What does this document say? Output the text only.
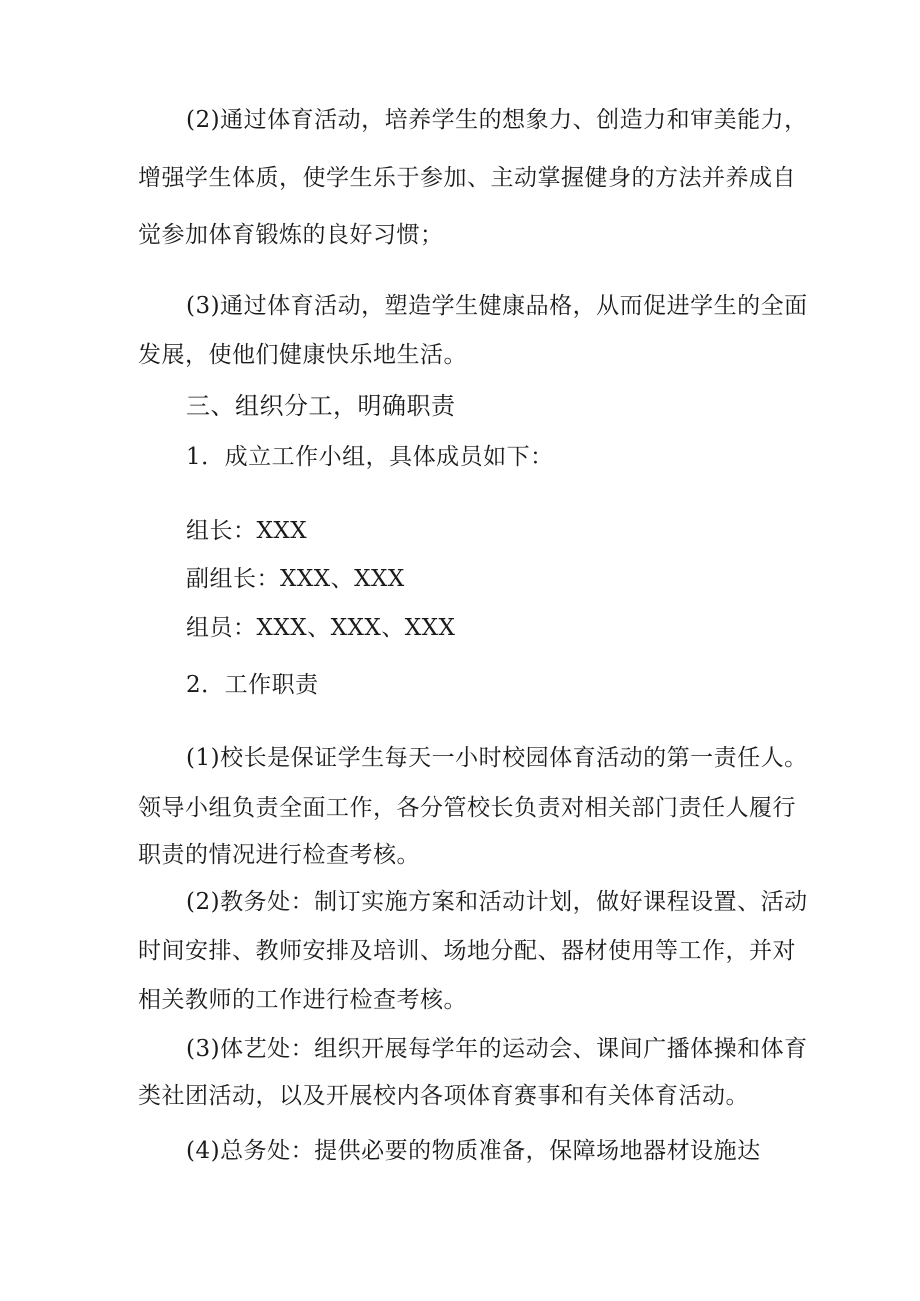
(2)通过体育活动，培养学生的想象力、创造力和审美能力，
增强学生体质，使学生乐于参加、主动掌握健身的方法并养成自
觉参加体育锻炼的良好习惯；
(3)通过体育活动，塑造学生健康品格，从而促进学生的全面
发展，使他们健康快乐地生活。
三、组织分工，明确职责
1．成立工作小组，具体成员如下：
组长：XXX
副组长：XXX、XXX
组员：XXX、XXX、XXX
2．工作职责
(1)校长是保证学生每天一小时校园体育活动的第一责任人。
领导小组负责全面工作，各分管校长负责对相关部门责任人履行
职责的情况进行检查考核。
(2)教务处：制订实施方案和活动计划，做好课程设置、活动
时间安排、教师安排及培训、场地分配、器材使用等工作，并对
相关教师的工作进行检查考核。
(3)体艺处：组织开展每学年的运动会、课间广播体操和体育
类社团活动，以及开展校内各项体育赛事和有关体育活动。
(4)总务处：提供必要的物质准备，保障场地器材设施达
